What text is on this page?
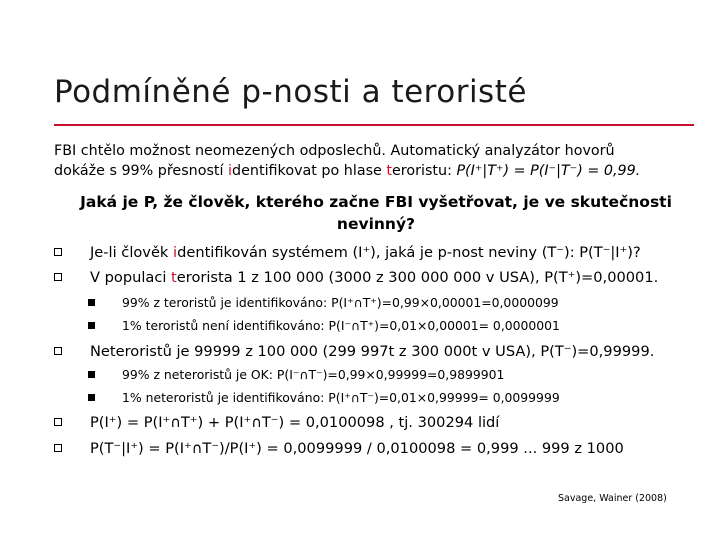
Podmíněné p-nosti a teroristé
FBI chtělo možnost neomezených odposlechů. Automatický analyzátor hovorů
dokáže s 99% přesností identifikovat po hlase teroristu: P(I⁺|T⁺) = P(I⁻|T⁻) = 0,99.
Jaká je P, že člověk, kterého začne FBI vyšetřovat, je ve skutečnosti
nevinný?
Je-li člověk identifikován systémem (I⁺), jaká je p-nost neviny (T⁻): P(T⁻|I⁺)?
V populaci terorista 1 z 100 000 (3000 z 300 000 000 v USA), P(T⁺)=0,00001.
99% z teroristů je identifikováno: P(I⁺∩T⁺)=0,99×0,00001=0,0000099
1% teroristů není identifikováno: P(I⁻∩T⁺)=0,01×0,00001= 0,0000001
Neteroristů je 99999 z 100 000 (299 997t z 300 000t v USA), P(T⁻)=0,99999.
99% z neteroristů je OK: P(I⁻∩T⁻)=0,99×0,99999=0,9899901
1% neteroristů je identifikováno: P(I⁺∩T⁻)=0,01×0,99999= 0,0099999
P(I⁺) = P(I⁺∩T⁺) + P(I⁺∩T⁻) = 0,0100098 , tj. 300294 lidí
P(T⁻|I⁺) = P(I⁺∩T⁻)/P(I⁺) = 0,0099999 / 0,0100098 = 0,999 ... 999 z 1000
Savage, Wainer (2008)
